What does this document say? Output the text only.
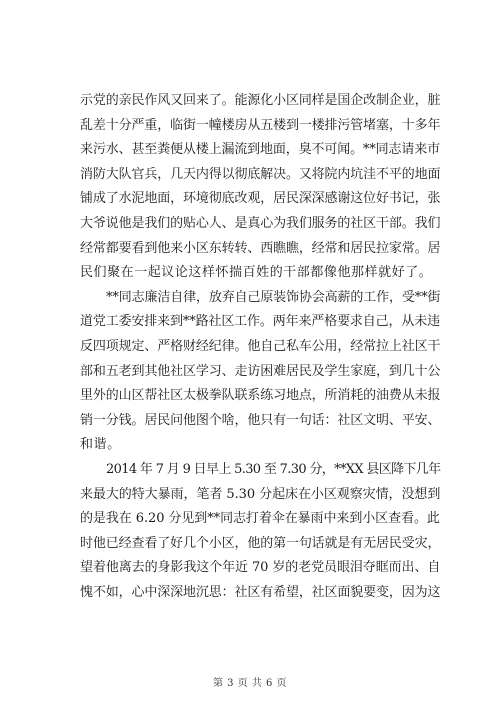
示党的亲民作风又回来了。能源化小区同样是国企改制企业，脏
乱差十分严重，临街一幢楼房从五楼到一楼排污管堵塞，十多年
来污水、甚至粪便从楼上漏流到地面，臭不可闻。**同志请来市
消防大队官兵，几天内得以彻底解决。又将院内坑洼不平的地面
铺成了水泥地面，环境彻底改观，居民深深感谢这位好书记，张
大爷说他是我们的贴心人、是真心为我们服务的社区干部。我们
经常都要看到他来小区东转转、西瞧瞧，经常和居民拉家常。居
民们聚在一起议论这样怀揣百姓的干部都像他那样就好了。
**同志廉洁自律，放弃自己原装饰协会高薪的工作，受**街
道党工委安排来到**路社区工作。两年来严格要求自己，从未违
反四项规定、严格财经纪律。他自己私车公用，经常拉上社区干
部和五老到其他社区学习、走访困难居民及学生家庭，到几十公
里外的山区帮社区太极拳队联系练习地点，所消耗的油费从未报
销一分钱。居民问他图个啥，他只有一句话：社区文明、平安、
和谐。
2014 年 7 月 9 日早上 5.30 至 7.30 分，**XX 县区降下几年
来最大的特大暴雨，笔者 5.30 分起床在小区观察灾情，没想到
的是我在 6.20 分见到**同志打着伞在暴雨中来到小区查看。此
时他已经查看了好几个小区，他的第一句话就是有无居民受灾，
望着他离去的身影我这个年近 70 岁的老党员眼泪夺眶而出、自
愧不如，心中深深地沉思：社区有希望，社区面貌要变，因为这
第 3 页 共 6 页
